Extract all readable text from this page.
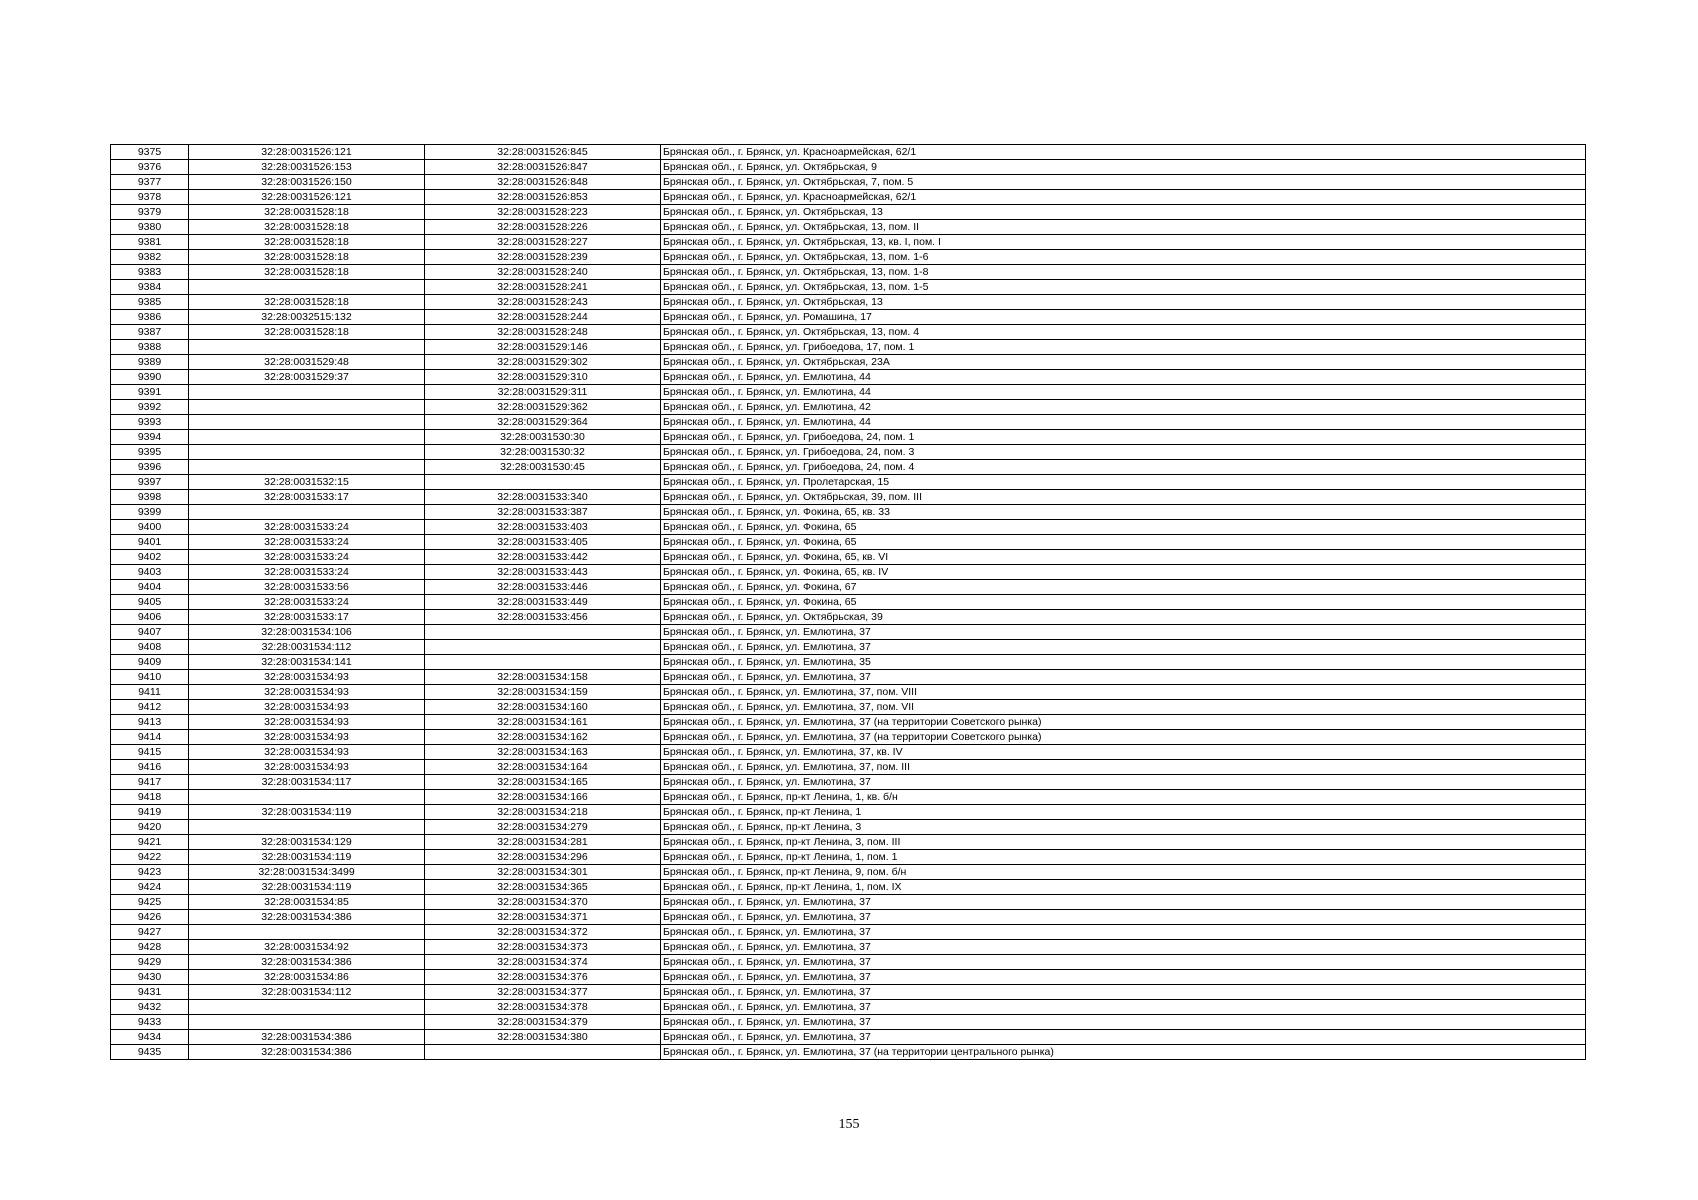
9375	32:28:0031526:121	32:28:0031526:845	Брянская обл., г. Брянск, ул. Красноармейская, 62/1
9376	32:28:0031526:153	32:28:0031526:847	Брянская обл., г. Брянск, ул. Октябрьская, 9
9377	32:28:0031526:150	32:28:0031526:848	Брянская обл., г. Брянск, ул. Октябрьская, 7, пом. 5
9378	32:28:0031526:121	32:28:0031526:853	Брянская обл., г. Брянск, ул. Красноармейская, 62/1
9379	32:28:0031528:18	32:28:0031528:223	Брянская обл., г. Брянск, ул. Октябрьская, 13
9380	32:28:0031528:18	32:28:0031528:226	Брянская обл., г. Брянск, ул. Октябрьская, 13, пом. II
9381	32:28:0031528:18	32:28:0031528:227	Брянская обл., г. Брянск, ул. Октябрьская, 13, кв. I, пом. I
9382	32:28:0031528:18	32:28:0031528:239	Брянская обл., г. Брянск, ул. Октябрьская, 13, пом. 1-6
9383	32:28:0031528:18	32:28:0031528:240	Брянская обл., г. Брянск, ул. Октябрьская, 13, пом. 1-8
9384		32:28:0031528:241	Брянская обл., г. Брянск, ул. Октябрьская, 13, пом. 1-5
9385	32:28:0031528:18	32:28:0031528:243	Брянская обл., г. Брянск, ул. Октябрьская, 13
9386	32:28:0032515:132	32:28:0031528:244	Брянская обл., г. Брянск, ул. Ромашина, 17
9387	32:28:0031528:18	32:28:0031528:248	Брянская обл., г. Брянск, ул. Октябрьская, 13, пом. 4
9388		32:28:0031529:146	Брянская обл., г. Брянск, ул. Грибоедова, 17, пом. 1
9389	32:28:0031529:48	32:28:0031529:302	Брянская обл., г. Брянск, ул. Октябрьская, 23А
9390	32:28:0031529:37	32:28:0031529:310	Брянская обл., г. Брянск, ул. Емлютина, 44
9391		32:28:0031529:311	Брянская обл., г. Брянск, ул. Емлютина, 44
9392		32:28:0031529:362	Брянская обл., г. Брянск, ул. Емлютина, 42
9393		32:28:0031529:364	Брянская обл., г. Брянск, ул. Емлютина, 44
9394		32:28:0031530:30	Брянская обл., г. Брянск, ул. Грибоедова, 24, пом. 1
9395		32:28:0031530:32	Брянская обл., г. Брянск, ул. Грибоедова, 24, пом. 3
9396		32:28:0031530:45	Брянская обл., г. Брянск, ул. Грибоедова, 24, пом. 4
9397	32:28:0031532:15		Брянская обл., г. Брянск, ул. Пролетарская, 15
9398	32:28:0031533:17	32:28:0031533:340	Брянская обл., г. Брянск, ул. Октябрьская, 39, пом. III
9399		32:28:0031533:387	Брянская обл., г. Брянск, ул. Фокина, 65, кв. 33
9400	32:28:0031533:24	32:28:0031533:403	Брянская обл., г. Брянск, ул. Фокина, 65
9401	32:28:0031533:24	32:28:0031533:405	Брянская обл., г. Брянск, ул. Фокина, 65
9402	32:28:0031533:24	32:28:0031533:442	Брянская обл., г. Брянск, ул. Фокина, 65, кв. VI
9403	32:28:0031533:24	32:28:0031533:443	Брянская обл., г. Брянск, ул. Фокина, 65, кв. IV
9404	32:28:0031533:56	32:28:0031533:446	Брянская обл., г. Брянск, ул. Фокина, 67
9405	32:28:0031533:24	32:28:0031533:449	Брянская обл., г. Брянск, ул. Фокина, 65
9406	32:28:0031533:17	32:28:0031533:456	Брянская обл., г. Брянск, ул. Октябрьская, 39
9407	32:28:0031534:106		Брянская обл., г. Брянск, ул. Емлютина, 37
9408	32:28:0031534:112		Брянская обл., г. Брянск, ул. Емлютина, 37
9409	32:28:0031534:141		Брянская обл., г. Брянск, ул. Емлютина, 35
9410	32:28:0031534:93	32:28:0031534:158	Брянская обл., г. Брянск, ул. Емлютина, 37
9411	32:28:0031534:93	32:28:0031534:159	Брянская обл., г. Брянск, ул. Емлютина, 37, пом. VIII
9412	32:28:0031534:93	32:28:0031534:160	Брянская обл., г. Брянск, ул. Емлютина, 37, пом. VII
9413	32:28:0031534:93	32:28:0031534:161	Брянская обл., г. Брянск, ул. Емлютина, 37 (на территории Советского рынка)
9414	32:28:0031534:93	32:28:0031534:162	Брянская обл., г. Брянск, ул. Емлютина, 37 (на территории Советского рынка)
9415	32:28:0031534:93	32:28:0031534:163	Брянская обл., г. Брянск, ул. Емлютина, 37, кв. IV
9416	32:28:0031534:93	32:28:0031534:164	Брянская обл., г. Брянск, ул. Емлютина, 37, пом. III
9417	32:28:0031534:117	32:28:0031534:165	Брянская обл., г. Брянск, ул. Емлютина, 37
9418		32:28:0031534:166	Брянская обл., г. Брянск, пр-кт Ленина, 1, кв. б/н
9419	32:28:0031534:119	32:28:0031534:218	Брянская обл., г. Брянск, пр-кт Ленина, 1
9420		32:28:0031534:279	Брянская обл., г. Брянск, пр-кт Ленина, 3
9421	32:28:0031534:129	32:28:0031534:281	Брянская обл., г. Брянск, пр-кт Ленина, 3, пом. III
9422	32:28:0031534:119	32:28:0031534:296	Брянская обл., г. Брянск, пр-кт Ленина, 1, пом. 1
9423	32:28:0031534:3499	32:28:0031534:301	Брянская обл., г. Брянск, пр-кт Ленина, 9, пом. б/н
9424	32:28:0031534:119	32:28:0031534:365	Брянская обл., г. Брянск, пр-кт Ленина, 1, пом. IX
9425	32:28:0031534:85	32:28:0031534:370	Брянская обл., г. Брянск, ул. Емлютина, 37
9426	32:28:0031534:386	32:28:0031534:371	Брянская обл., г. Брянск, ул. Емлютина, 37
9427		32:28:0031534:372	Брянская обл., г. Брянск, ул. Емлютина, 37
9428	32:28:0031534:92	32:28:0031534:373	Брянская обл., г. Брянск, ул. Емлютина, 37
9429	32:28:0031534:386	32:28:0031534:374	Брянская обл., г. Брянск, ул. Емлютина, 37
9430	32:28:0031534:86	32:28:0031534:376	Брянская обл., г. Брянск, ул. Емлютина, 37
9431	32:28:0031534:112	32:28:0031534:377	Брянская обл., г. Брянск, ул. Емлютина, 37
9432		32:28:0031534:378	Брянская обл., г. Брянск, ул. Емлютина, 37
9433		32:28:0031534:379	Брянская обл., г. Брянск, ул. Емлютина, 37
9434	32:28:0031534:386	32:28:0031534:380	Брянская обл., г. Брянск, ул. Емлютина, 37
9435	32:28:0031534:386		Брянская обл., г. Брянск, ул. Емлютина, 37 (на территории центрального рынка)
155
